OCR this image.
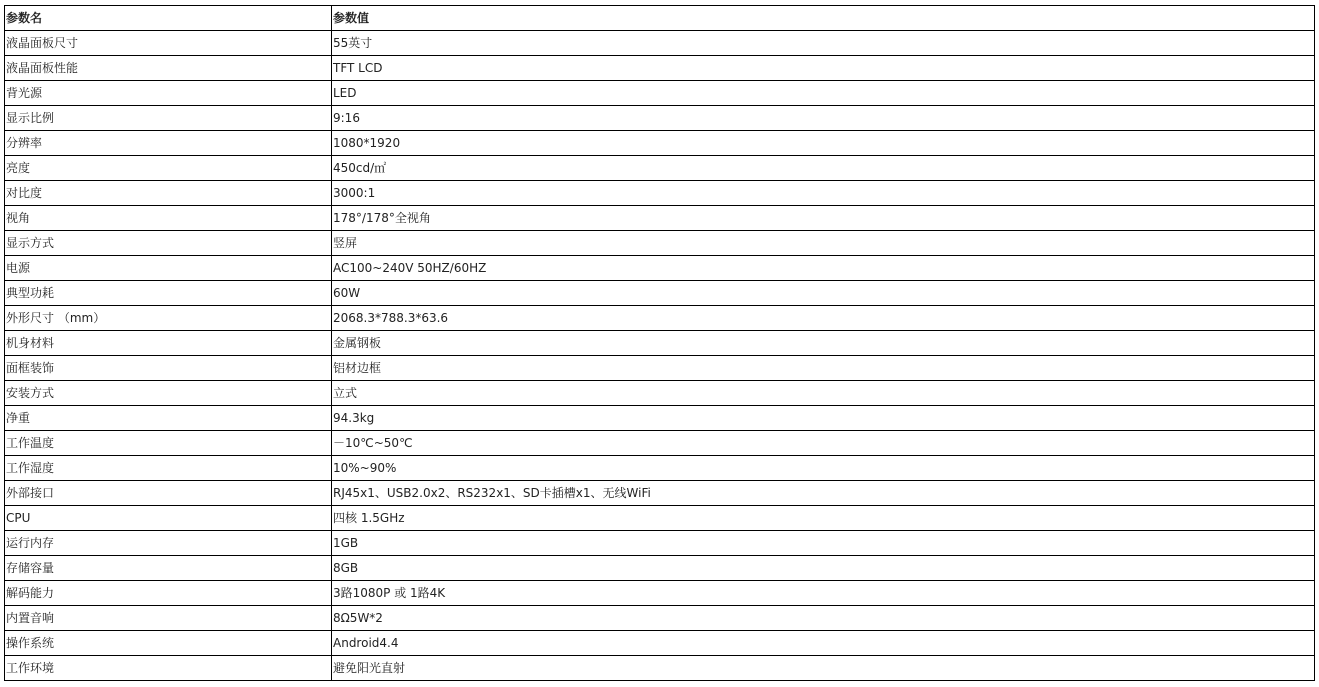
参数名	参数值
液晶面板尺寸	55英寸
液晶面板性能	TFT LCD
背光源	LED
显示比例	9:16
分辨率	1080*1920
亮度	450cd/㎡
对比度	3000:1
视角	178°/178°全视角
显示方式	竖屏
电源	AC100~240V 50HZ/60HZ
典型功耗	60W
外形尺寸 （mm）	2068.3*788.3*63.6
机身材料	金属钢板
面框装饰	铝材边框
安装方式	立式
净重	94.3kg
工作温度	－10℃~50℃
工作湿度	10%~90%
外部接口	RJ45x1、USB2.0x2、RS232x1、SD卡插槽x1、无线WiFi
CPU	四核 1.5GHz
运行内存	1GB
存储容量	8GB
解码能力	3路1080P 或 1路4K
内置音响	8Ω5W*2
操作系统	Android4.4
工作环境	避免阳光直射
